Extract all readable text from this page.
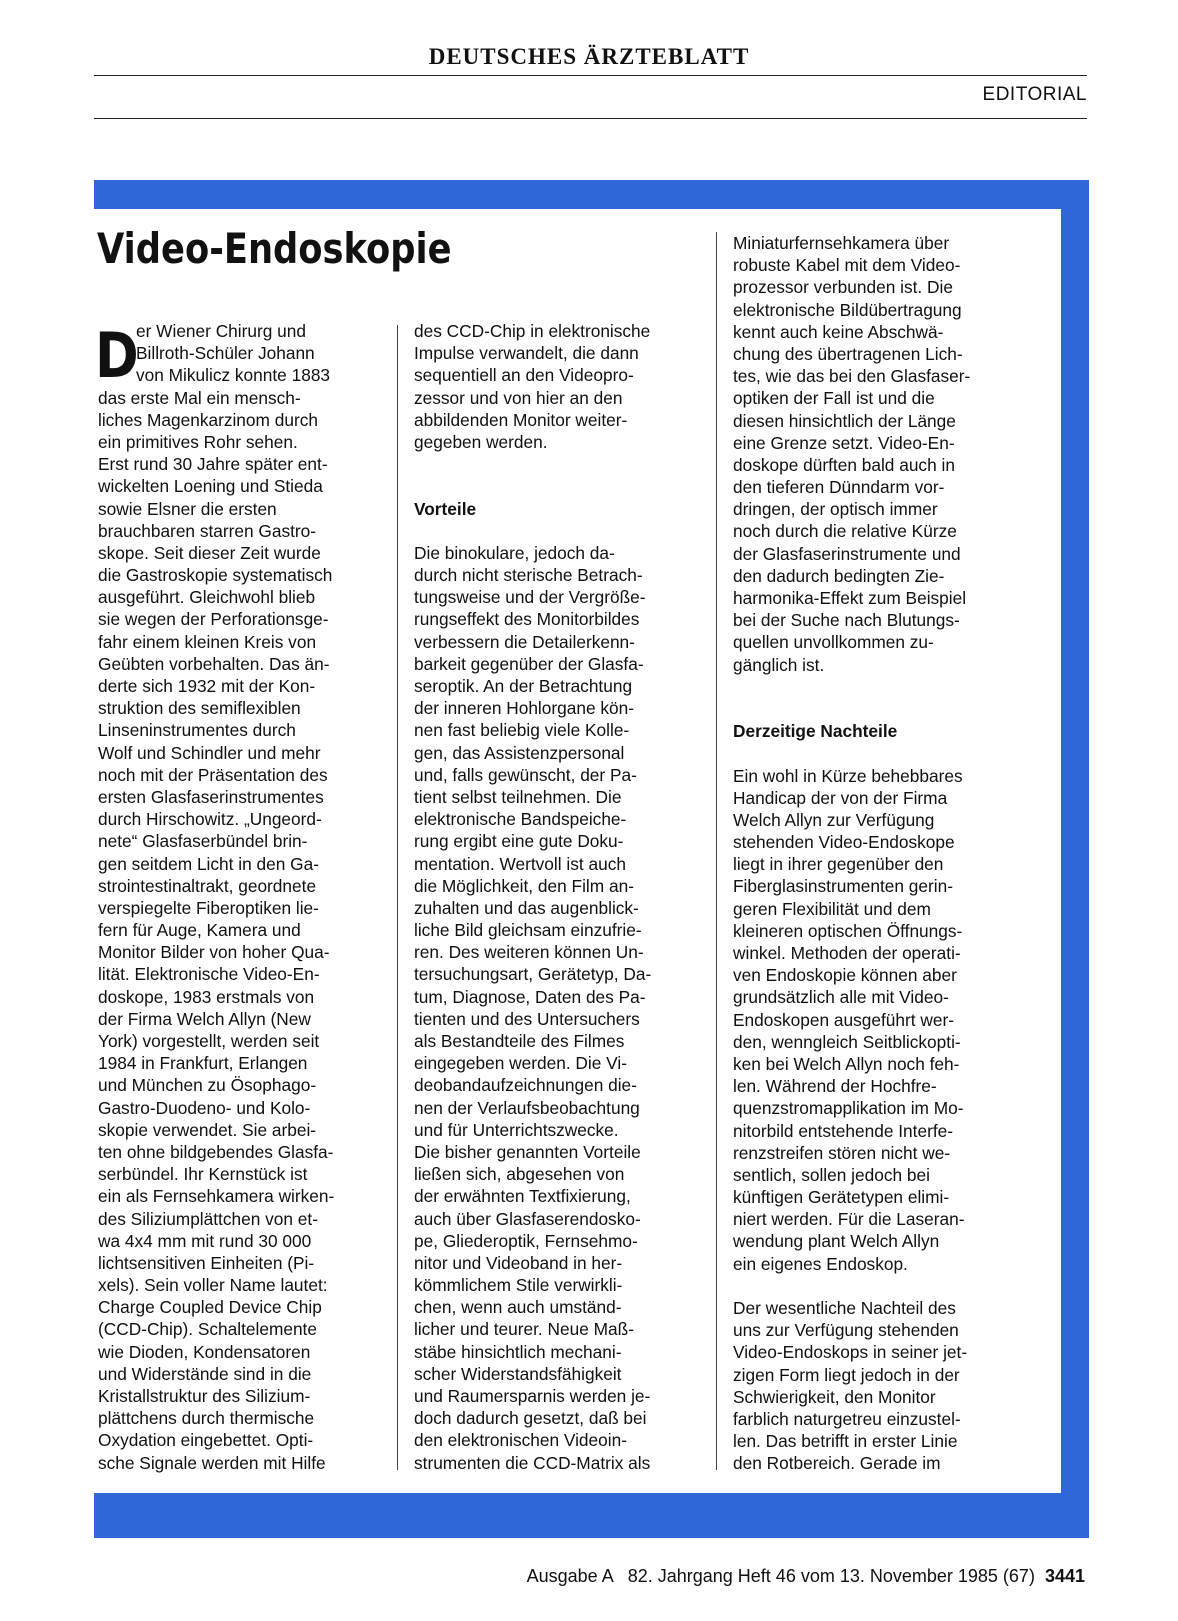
DEUTSCHES ÄRZTEBLATT
EDITORIAL
Video-Endoskopie
D
er Wiener Chirurg und
Billroth-Schüler Johann
von Mikulicz konnte 1883
das erste Mal ein mensch-
liches Magenkarzinom durch
ein primitives Rohr sehen.
Erst rund 30 Jahre später ent-
wickelten Loening und Stieda
sowie Elsner die ersten
brauchbaren starren Gastro-
skope. Seit dieser Zeit wurde
die Gastroskopie systematisch
ausgeführt. Gleichwohl blieb
sie wegen der Perforationsge-
fahr einem kleinen Kreis von
Geübten vorbehalten. Das än-
derte sich 1932 mit der Kon-
struktion des semiflexiblen
Linseninstrumentes durch
Wolf und Schindler und mehr
noch mit der Präsentation des
ersten Glasfaserinstrumentes
durch Hirschowitz. „Ungeord-
nete“ Glasfaserbündel brin-
gen seitdem Licht in den Ga-
strointestinaltrakt, geordnete
verspiegelte Fiberoptiken lie-
fern für Auge, Kamera und
Monitor Bilder von hoher Qua-
lität. Elektronische Video-En-
doskope, 1983 erstmals von
der Firma Welch Allyn (New
York) vorgestellt, werden seit
1984 in Frankfurt, Erlangen
und München zu Ösophago-
Gastro-Duodeno- und Kolo-
skopie verwendet. Sie arbei-
ten ohne bildgebendes Glasfa-
serbündel. Ihr Kernstück ist
ein als Fernsehkamera wirken-
des Siliziumplättchen von et-
wa 4x4 mm mit rund 30 000
lichtsensitiven Einheiten (Pi-
xels). Sein voller Name lautet:
Charge Coupled Device Chip
(CCD-Chip). Schaltelemente
wie Dioden, Kondensatoren
und Widerstände sind in die
Kristallstruktur des Silizium-
plättchens durch thermische
Oxydation eingebettet. Opti-
sche Signale werden mit Hilfe
des CCD-Chip in elektronische
Impulse verwandelt, die dann
sequentiell an den Videopro-
zessor und von hier an den
abbildenden Monitor weiter-
gegeben werden.
Vorteile
Die binokulare, jedoch da-
durch nicht sterische Betrach-
tungsweise und der Vergröße-
rungseffekt des Monitorbildes
verbessern die Detailerkenn-
barkeit gegenüber der Glasfa-
seroptik. An der Betrachtung
der inneren Hohlorgane kön-
nen fast beliebig viele Kolle-
gen, das Assistenzpersonal
und, falls gewünscht, der Pa-
tient selbst teilnehmen. Die
elektronische Bandspeiche-
rung ergibt eine gute Doku-
mentation. Wertvoll ist auch
die Möglichkeit, den Film an-
zuhalten und das augenblick-
liche Bild gleichsam einzufrie-
ren. Des weiteren können Un-
tersuchungsart, Gerätetyp, Da-
tum, Diagnose, Daten des Pa-
tienten und des Untersuchers
als Bestandteile des Filmes
eingegeben werden. Die Vi-
deobandaufzeichnungen die-
nen der Verlaufsbeobachtung
und für Unterrichtszwecke.
Die bisher genannten Vorteile
ließen sich, abgesehen von
der erwähnten Textfixierung,
auch über Glasfaserendosko-
pe, Gliederoptik, Fernsehmo-
nitor und Videoband in her-
kömmlichem Stile verwirkli-
chen, wenn auch umständ-
licher und teurer. Neue Maß-
stäbe hinsichtlich mechani-
scher Widerstandsfähigkeit
und Raumersparnis werden je-
doch dadurch gesetzt, daß bei
den elektronischen Videoin-
strumenten die CCD-Matrix als
Miniaturfernsehkamera über
robuste Kabel mit dem Video-
prozessor verbunden ist. Die
elektronische Bildübertragung
kennt auch keine Abschwä-
chung des übertragenen Lich-
tes, wie das bei den Glasfaser-
optiken der Fall ist und die
diesen hinsichtlich der Länge
eine Grenze setzt. Video-En-
doskope dürften bald auch in
den tieferen Dünndarm vor-
dringen, der optisch immer
noch durch die relative Kürze
der Glasfaserinstrumente und
den dadurch bedingten Zie-
harmonika-Effekt zum Beispiel
bei der Suche nach Blutungs-
quellen unvollkommen zu-
gänglich ist.
Derzeitige Nachteile
Ein wohl in Kürze behebbares
Handicap der von der Firma
Welch Allyn zur Verfügung
stehenden Video-Endoskope
liegt in ihrer gegenüber den
Fiberglasinstrumenten gerin-
geren Flexibilität und dem
kleineren optischen Öffnungs-
winkel. Methoden der operati-
ven Endoskopie können aber
grundsätzlich alle mit Video-
Endoskopen ausgeführt wer-
den, wenngleich Seitblickopti-
ken bei Welch Allyn noch feh-
len. Während der Hochfre-
quenzstromapplikation im Mo-
nitorbild entstehende Interfe-
renzstreifen stören nicht we-
sentlich, sollen jedoch bei
künftigen Gerätetypen elimi-
niert werden. Für die Laseran-
wendung plant Welch Allyn
ein eigenes Endoskop.
Der wesentliche Nachteil des
uns zur Verfügung stehenden
Video-Endoskops in seiner jet-
zigen Form liegt jedoch in der
Schwierigkeit, den Monitor
farblich naturgetreu einzustel-
len. Das betrifft in erster Linie
den Rotbereich. Gerade im
Ausgabe A   82. Jahrgang Heft 46 vom 13. November 1985 (67) 3441
